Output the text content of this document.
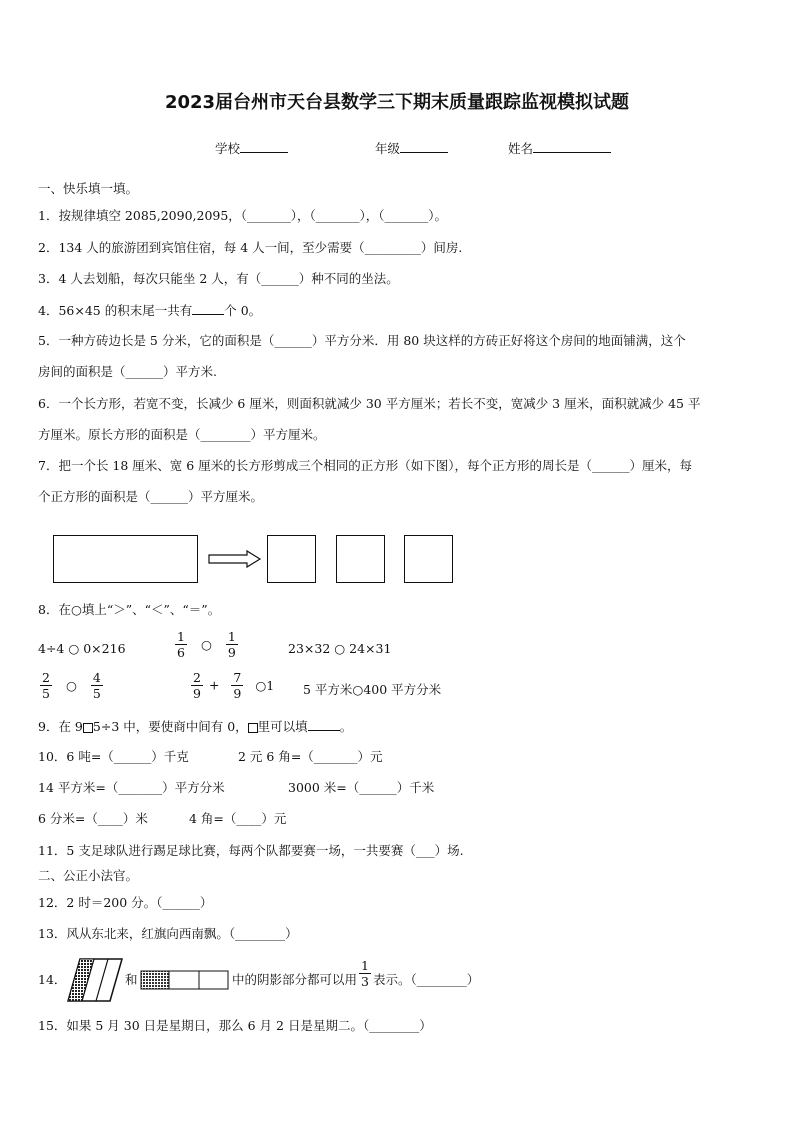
2023届台州市天台县数学三下期末质量跟踪监视模拟试题
学校	年级	姓名
一、快乐填一填。
1．按规律填空 2085,2090,2095，（_______），（_______），（_______）。
2．134 人的旅游团到宾馆住宿，每 4 人一间，至少需要（_________）间房.
3．4 人去划船，每次只能坐 2 人，有（______）种不同的坐法。
4．56×45 的积末尾一共有	个 0。
5．一种方砖边长是 5 分米，它的面积是（______）平方分米．用 80 块这样的方砖正好将这个房间的地面铺满，这个
房间的面积是（______）平方米.
6．一个长方形，若宽不变，长减少 6 厘米，则面积就减少 30 平方厘米；若长不变，宽减少 3 厘米，面积就减少 45 平
方厘米。原长方形的面积是（________）平方厘米。
7．把一个长 18 厘米、宽 6 厘米的长方形剪成三个相同的正方形（如下图），每个正方形的周长是（______）厘米，每
个正方形的面积是（______）平方厘米。
8．在○填上“＞”、“＜”、“＝”。
4÷4 ○ 0×216	$\frac{1}{6}$ ○ $\frac{1}{9}$	23×32 ○ 24×31
$\frac{2}{5}$ ○ $\frac{4}{5}$	$\frac{2}{9} + \frac{7}{9}$ ○1 5 平方米○400 平方分米
9．在 9 5÷3 中，要使商中间有 0， 里可以填	。
10．6 吨=（______）千克	2 元 6 角=（_______）元
14 平方米=（_______）平方分米	3000 米=（______）千米
6 分米=（____）米	4 角=（____）元
11．5 支足球队进行踢足球比赛，每两个队都要赛一场，一共要赛（___）场.
二、公正小法官。
12．2 时＝200 分。（______）
13．风从东北来，红旗向西南飘。（________）
14．	和	中的阴影部分都可以用 $\frac{1}{3}$ 表示。（________）
15．如果 5 月 30 日是星期日，那么 6 月 2 日是星期二。（________）
